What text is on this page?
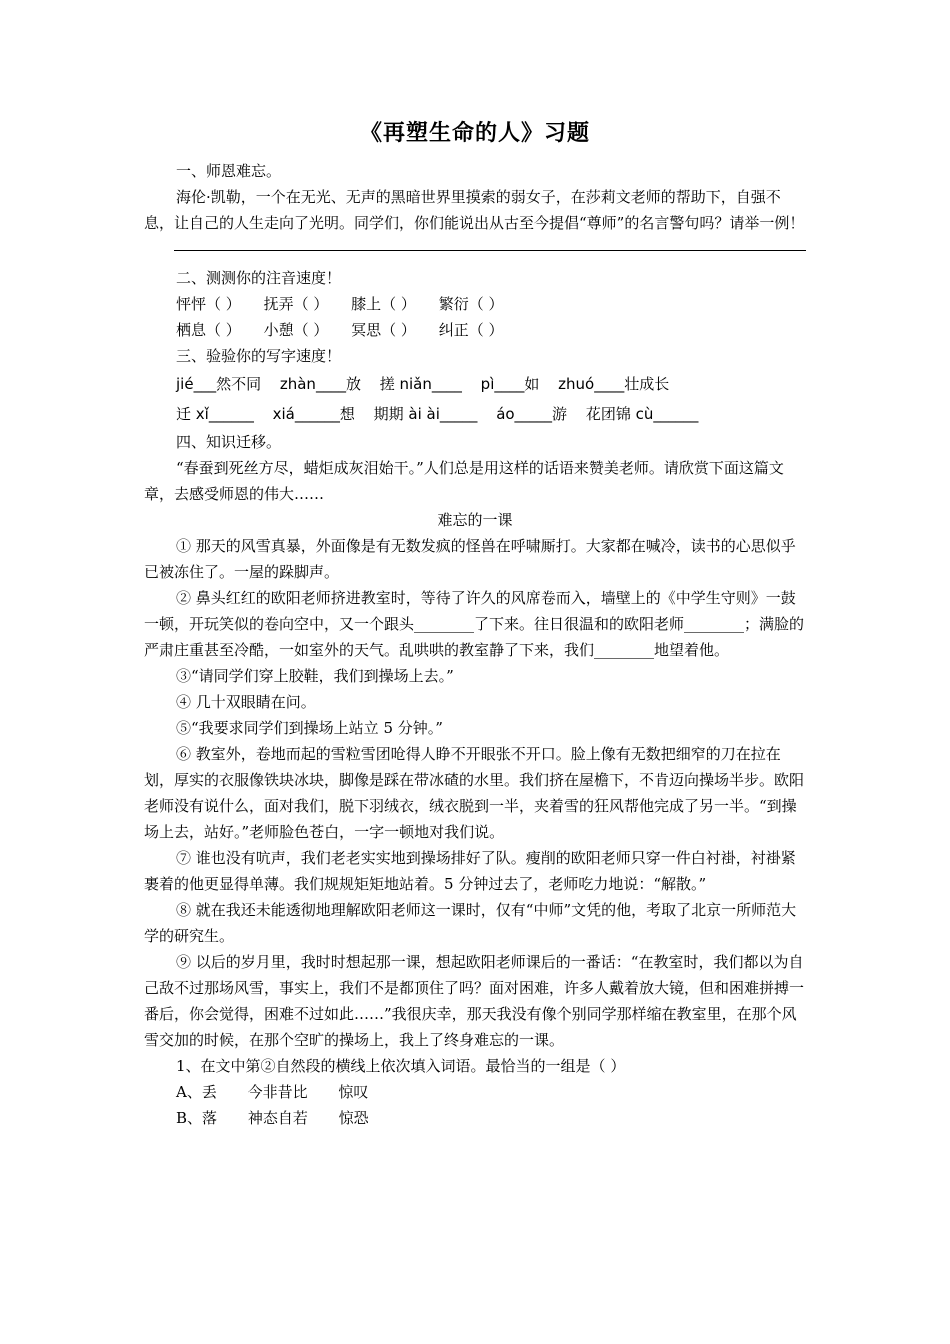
《再塑生命的人》习题

一、师恩难忘。

海伦·凯勒，一个在无光、无声的黑暗世界里摸索的弱女子，在莎莉文老师的帮助下，自强不息，让自己的人生走向了光明。同学们，你们能说出从古至今提倡“尊师”的名言警句吗？请举一例！

二、测测你的注音速度！

怦怦（ ） 抚弄（ ） 膝上（ ） 繁衍（ ）
栖息（ ） 小憩（ ） 冥思（ ） 纠正（ ）

三、验验你的写字速度！

jié___然不同 zhàn____放 搓 niǎn____ pì____如 zhuó____壮成长
迁 xǐ______ xiá______想 期期 ài ài_____ áo_____游 花团锦 cù______

四、知识迁移。

“春蚕到死丝方尽，蜡炬成灰泪始干。”人们总是用这样的话语来赞美老师。请欣赏下面这篇文章，去感受师恩的伟大……

难忘的一课

① 那天的风雪真暴，外面像是有无数发疯的怪兽在呼啸厮打。大家都在喊冷，读书的心思似乎已被冻住了。一屋的跺脚声。

② 鼻头红红的欧阳老师挤进教室时，等待了许久的风席卷而入，墙壁上的《中学生守则》一鼓一顿，开玩笑似的卷向空中，又一个跟头________了下来。往日很温和的欧阳老师________；满脸的严肃庄重甚至冷酷，一如室外的天气。乱哄哄的教室静了下来，我们________地望着他。

③“请同学们穿上胶鞋，我们到操场上去。”

④ 几十双眼睛在问。

⑤“我要求同学们到操场上站立 5 分钟。”

⑥ 教室外，卷地而起的雪粒雪团呛得人睁不开眼张不开口。脸上像有无数把细窄的刀在拉在划，厚实的衣服像铁块冰块，脚像是踩在带冰碴的水里。我们挤在屋檐下，不肯迈向操场半步。欧阳老师没有说什么，面对我们，脱下羽绒衣，绒衣脱到一半，夹着雪的狂风帮他完成了另一半。“到操场上去，站好。”老师脸色苍白，一字一顿地对我们说。

⑦ 谁也没有吭声，我们老老实实地到操场排好了队。瘦削的欧阳老师只穿一件白衬褂，衬褂紧裹着的他更显得单薄。我们规规矩矩地站着。5 分钟过去了，老师吃力地说：“解散。”

⑧ 就在我还未能透彻地理解欧阳老师这一课时，仅有“中师”文凭的他，考取了北京一所师范大学的研究生。

⑨ 以后的岁月里，我时时想起那一课，想起欧阳老师课后的一番话：“在教室时，我们都以为自己敌不过那场风雪，事实上，我们不是都顶住了吗？面对困难，许多人戴着放大镜，但和困难拼搏一番后，你会觉得，困难不过如此……”我很庆幸，那天我没有像个别同学那样缩在教室里，在那个风雪交加的时候，在那个空旷的操场上，我上了终身难忘的一课。

1、在文中第②自然段的横线上依次填入词语。最恰当的一组是（ ）

A、丢 今非昔比 惊叹
B、落 神态自若 惊恐
